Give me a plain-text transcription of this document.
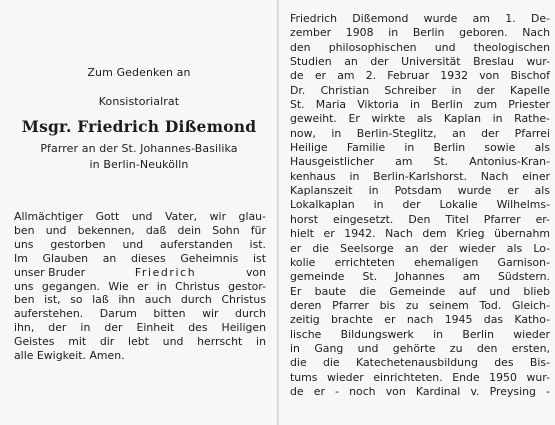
Zum Gedenken an
Konsistorialrat
Msgr. Friedrich Dißemond
Pfarrer an der St. Johannes-Basilika
in Berlin-Neukölln
Allmächtiger Gott und Vater, wir glau-
ben und bekennen, daß dein Sohn für
uns gestorben und auferstanden ist.
Im Glauben an dieses Geheimnis ist
unser Bruder	Friedrich	von
uns gegangen. Wie er in Christus gestor-
ben ist, so laß ihn auch durch Christus
auferstehen. Darum bitten wir durch
ihn, der in der Einheit des Heiligen
Geistes mit dir lebt und herrscht in
alle Ewigkeit. Amen.
Friedrich Dißemond wurde am 1. De-
zember 1908 in Berlin geboren. Nach
den philosophischen und theologischen
Studien an der Universität Breslau wur-
de er am 2. Februar 1932 von Bischof
Dr. Christian Schreiber in der Kapelle
St. Maria Viktoria in Berlin zum Priester
geweiht. Er wirkte als Kaplan in Rathe-
now, in Berlin-Steglitz, an der Pfarrei
Heilige Familie in Berlin sowie als
Hausgeistlicher am St. Antonius-Kran-
kenhaus in Berlin-Karlshorst. Nach einer
Kaplanszeit in Potsdam wurde er als
Lokalkaplan in der Lokalie Wilhelms-
horst eingesetzt. Den Titel Pfarrer er-
hielt er 1942. Nach dem Krieg übernahm
er die Seelsorge an der wieder als Lo-
kolie errichteten ehemaligen Garnison-
gemeinde St. Johannes am Südstern.
Er baute die Gemeinde auf und blieb
deren Pfarrer bis zu seinem Tod. Gleich-
zeitig brachte er nach 1945 das Katho-
lische Bildungswerk in Berlin wieder
in Gang und gehörte zu den ersten,
die die Katechetenausbildung des Bis-
tums wieder einrichteten. Ende 1950 wur-
de er - noch von Kardinal v. Preysing -
